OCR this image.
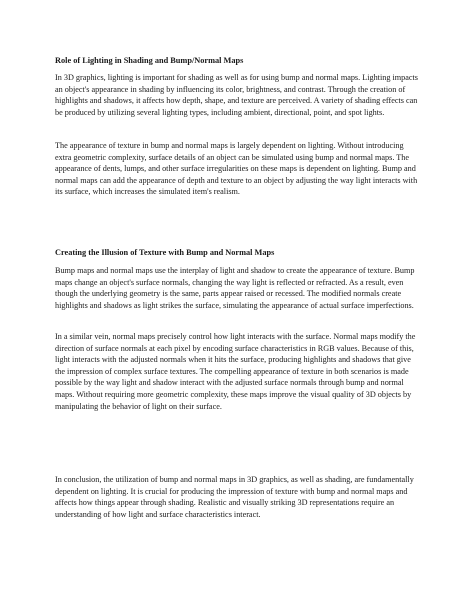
Role of Lighting in Shading and Bump/Normal Maps

In 3D graphics, lighting is important for shading as well as for using bump and normal maps. Lighting impacts an object's appearance in shading by influencing its color, brightness, and contrast. Through the creation of highlights and shadows, it affects how depth, shape, and texture are perceived. A variety of shading effects can be produced by utilizing several lighting types, including ambient, directional, point, and spot lights.

The appearance of texture in bump and normal maps is largely dependent on lighting. Without introducing extra geometric complexity, surface details of an object can be simulated using bump and normal maps. The appearance of dents, lumps, and other surface irregularities on these maps is dependent on lighting. Bump and normal maps can add the appearance of depth and texture to an object by adjusting the way light interacts with its surface, which increases the simulated item's realism.

Creating the Illusion of Texture with Bump and Normal Maps

Bump maps and normal maps use the interplay of light and shadow to create the appearance of texture. Bump maps change an object's surface normals, changing the way light is reflected or refracted. As a result, even though the underlying geometry is the same, parts appear raised or recessed. The modified normals create highlights and shadows as light strikes the surface, simulating the appearance of actual surface imperfections.

In a similar vein, normal maps precisely control how light interacts with the surface. Normal maps modify the direction of surface normals at each pixel by encoding surface characteristics in RGB values. Because of this, light interacts with the adjusted normals when it hits the surface, producing highlights and shadows that give the impression of complex surface textures. The compelling appearance of texture in both scenarios is made possible by the way light and shadow interact with the adjusted surface normals through bump and normal maps. Without requiring more geometric complexity, these maps improve the visual quality of 3D objects by manipulating the behavior of light on their surface.

In conclusion, the utilization of bump and normal maps in 3D graphics, as well as shading, are fundamentally dependent on lighting. It is crucial for producing the impression of texture with bump and normal maps and affects how things appear through shading. Realistic and visually striking 3D representations require an understanding of how light and surface characteristics interact.
